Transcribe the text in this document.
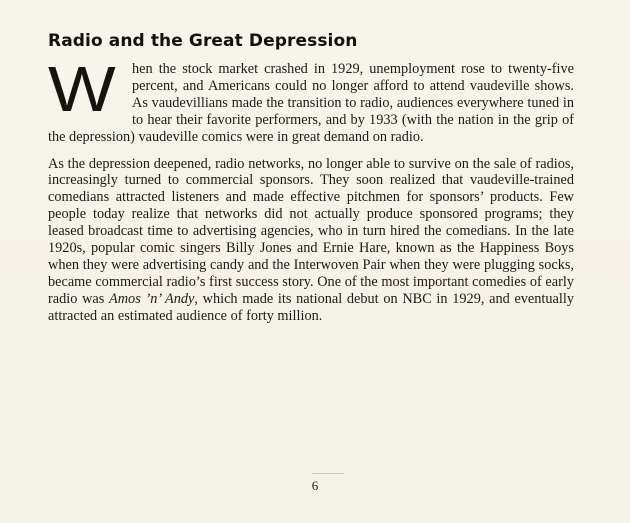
Radio and the Great Depression

W	hen the stock market crashed in 1929, unemployment rose to twenty-five percent, and Americans could no longer afford to attend vaudeville shows. As vaudevillians made the transition to radio, audiences everywhere tuned in to hear their favorite performers, and by 1933 (with the nation in the grip of the depression) vaudeville comics were in great demand on radio.

As the depression deepened, radio networks, no longer able to survive on the sale of radios, increasingly turned to commercial sponsors. They soon realized that vaudeville-trained comedians attracted listeners and made effective pitchmen for sponsors’ products. Few people today realize that networks did not actually produce sponsored programs; they leased broadcast time to advertising agencies, who in turn hired the comedians. In the late 1920s, popular comic singers Billy Jones and Ernie Hare, known as the Happiness Boys when they were advertising candy and the Interwoven Pair when they were plugging socks, became commercial radio’s first success story. One of the most important comedies of early radio was Amos ’n’ Andy, which made its national debut on NBC in 1929, and eventually attracted an estimated audience of forty million.

6
